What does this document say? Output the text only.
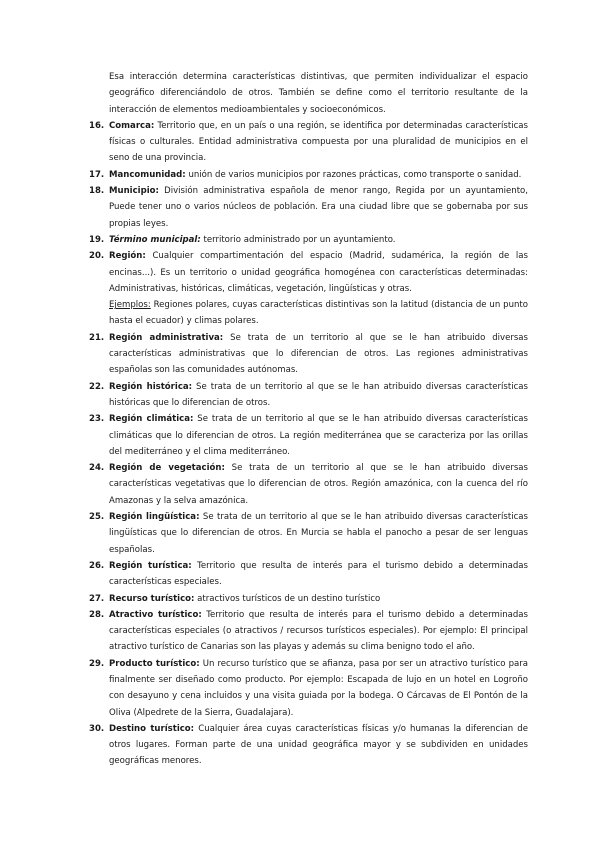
Esa interacción determina características distintivas, que permiten individualizar el espacio geográfico diferenciándolo de otros. También se define como el territorio resultante de la interacción de elementos medioambientales y socioeconómicos.

16. Comarca: Territorio que, en un país o una región, se identifica por determinadas características físicas o culturales. Entidad administrativa compuesta por una pluralidad de municipios en el seno de una provincia.
17. Mancomunidad: unión de varios municipios por razones prácticas, como transporte o sanidad.
18. Municipio: División administrativa española de menor rango, Regida por un ayuntamiento, Puede tener uno o varios núcleos de población. Era una ciudad libre que se gobernaba por sus propias leyes.
19. Término municipal: territorio administrado por un ayuntamiento.
20. Región: Cualquier compartimentación del espacio (Madrid, sudamérica, la región de las encinas...). Es un territorio o unidad geográfica homogénea con características determinadas: Administrativas, históricas, climáticas, vegetación, lingüísticas y otras.
Ejemplos: Regiones polares, cuyas características distintivas son la latitud (distancia de un punto hasta el ecuador) y climas polares.
21. Región administrativa: Se trata de un territorio al que se le han atribuido diversas características administrativas que lo diferencian de otros. Las regiones administrativas españolas son las comunidades autónomas.
22. Región histórica: Se trata de un territorio al que se le han atribuido diversas características históricas que lo diferencian de otros.
23. Región climática: Se trata de un territorio al que se le han atribuido diversas características climáticas que lo diferencian de otros. La región mediterránea que se caracteriza por las orillas del mediterráneo y el clima mediterráneo.
24. Región de vegetación: Se trata de un territorio al que se le han atribuido diversas características vegetativas que lo diferencian de otros. Región amazónica, con la cuenca del río Amazonas y la selva amazónica.
25. Región lingüística: Se trata de un territorio al que se le han atribuido diversas características lingüísticas que lo diferencian de otros. En Murcia se habla el panocho a pesar de ser lenguas españolas.
26. Región turística: Territorio que resulta de interés para el turismo debido a determinadas características especiales.
27. Recurso turístico: atractivos turísticos de un destino turístico
28. Atractivo turístico: Territorio que resulta de interés para el turismo debido a determinadas características especiales (o atractivos / recursos turísticos especiales). Por ejemplo: El principal atractivo turístico de Canarias son las playas y además su clima benigno todo el año.
29. Producto turístico: Un recurso turístico que se afianza, pasa por ser un atractivo turístico para finalmente ser diseñado como producto. Por ejemplo: Escapada de lujo en un hotel en Logroño con desayuno y cena incluidos y una visita guiada por la bodega. O Cárcavas de El Pontón de la Oliva (Alpedrete de la Sierra, Guadalajara).
30. Destino turístico: Cualquier área cuyas características físicas y/o humanas la diferencian de otros lugares. Forman parte de una unidad geográfica mayor y se subdividen en unidades geográficas menores.
